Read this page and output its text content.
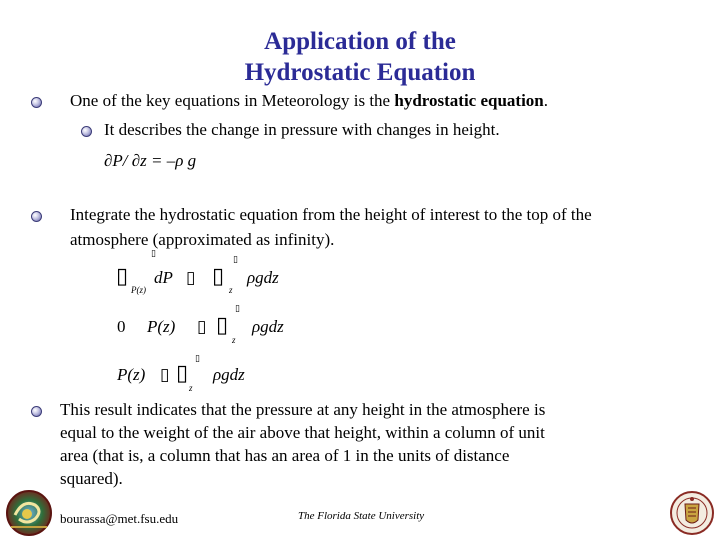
Application of the
Hydrostatic Equation
One of the key equations in Meteorology is the hydrostatic equation.
It describes the change in pressure with changes in height.
∂P/ ∂z = –ρ g
Integrate the hydrostatic equation from the height of interest to the top of the
atmosphere (approximated as infinity).
▯
▯
dP
P(z)
▯ ▯
▯
z
ρgdz
0 P(z) ▯ ▯
▯
z
ρgdz
P(z) ▯ ▯
▯
z
ρgdz
This result indicates that the pressure at any height in the atmosphere is
equal to the weight of the air above that height, within a column of unit
area (that is, a column that has an area of 1 in the units of distance
squared).
bourassa@met.fsu.edu	The Florida State University
